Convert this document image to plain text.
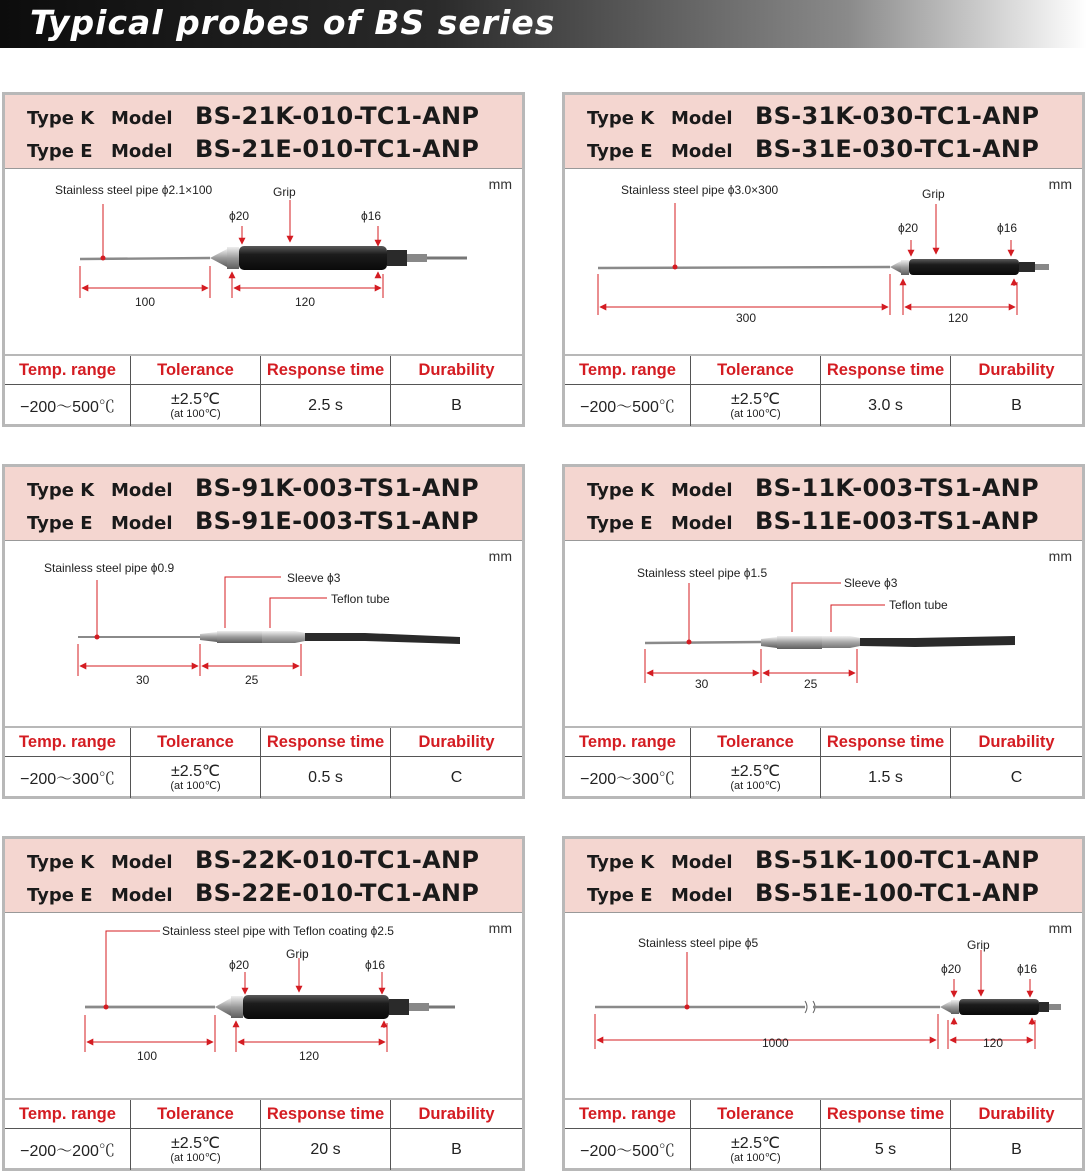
Typical probes of BS series
Type K Model BS-21K-010-TC1-ANP
Type E Model BS-21E-010-TC1-ANP
mm
Stainless steel pipe ϕ2.1×100	Grip
ϕ20	ϕ16
100	120
Temp. range	Tolerance	Response time	Durability
−200～500℃	±2.5℃
(at 100℃)	2.5 s	B
Type K Model BS-31K-030-TC1-ANP
Type E Model BS-31E-030-TC1-ANP
mm
Stainless steel pipe ϕ3.0×300	Grip
ϕ20	ϕ16
300	120
Temp. range	Tolerance	Response time	Durability
−200～500℃	±2.5℃
(at 100℃)	3.0 s	B
Type K Model BS-91K-003-TS1-ANP
Type E Model BS-91E-003-TS1-ANP
mm
Stainless steel pipe ϕ0.9
Sleeve ϕ3
Teflon tube
30	25
Temp. range	Tolerance	Response time	Durability
−200～300℃	±2.5℃
(at 100℃)	0.5 s	C
Type K Model BS-11K-003-TS1-ANP
Type E Model BS-11E-003-TS1-ANP
mm
Stainless steel pipe ϕ1.5
Sleeve ϕ3
Teflon tube
30	25
Temp. range	Tolerance	Response time	Durability
−200～300℃	±2.5℃
(at 100℃)	1.5 s	C
Type K Model BS-22K-010-TC1-ANP
Type E Model BS-22E-010-TC1-ANP
mm
Stainless steel pipe with Teflon coating ϕ2.5
Grip
ϕ20	ϕ16
100	120
Temp. range	Tolerance	Response time	Durability
−200～200℃	±2.5℃
(at 100℃)	20 s	B
Type K Model BS-51K-100-TC1-ANP
Type E Model BS-51E-100-TC1-ANP
mm
Stainless steel pipe ϕ5	Grip
ϕ20	ϕ16
1000	120
Temp. range	Tolerance	Response time	Durability
−200～500℃	±2.5℃
(at 100℃)	5 s	B
